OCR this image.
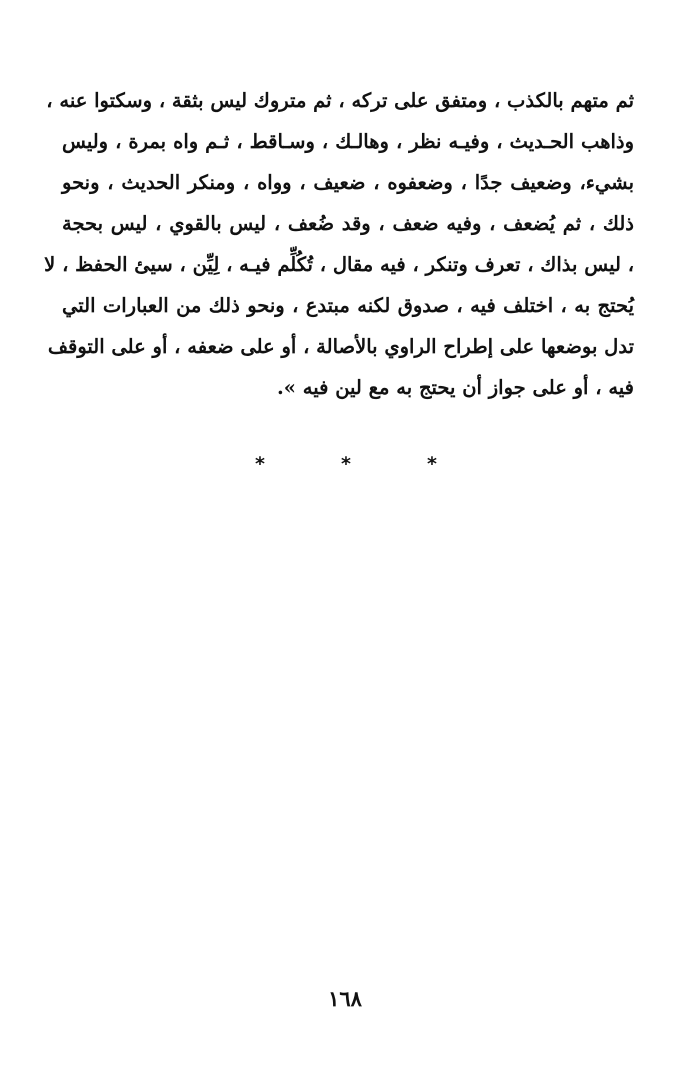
ثم متهم بالكذب ، ومتفق على تركه ، ثم متروك ليس بثقة ، وسكتوا عنه ،
وذاهب الحـديث ، وفيـه نظر ، وهالـك ، وسـاقط ، ثـم واه بمرة ، وليس
بشيء، وضعيف جدًا ، وضعفوه ، ضعيف ، وواه ، ومنكر الحديث ، ونحو
ذلك ، ثم يُضعف ، وفيه ضعف ، وقد ضُعف ، ليس بالقوي ، ليس بحجة
، ليس بذاك ، تعرف وتنكر ، فيه مقال ، تُكُلِّم فيـه ، لِيِّن ، سيئ الحفظ ، لا
يُحتج به ، اختلف فيه ، صدوق لكنه مبتدع ، ونحو ذلك من العبارات التي
تدل بوضعها على إطراح الراوي بالأصالة ، أو على ضعفه ، أو على التوقف
فيه ، أو على جواز أن يحتج به مع لين فيه ».
*	*	*
١٦٨
